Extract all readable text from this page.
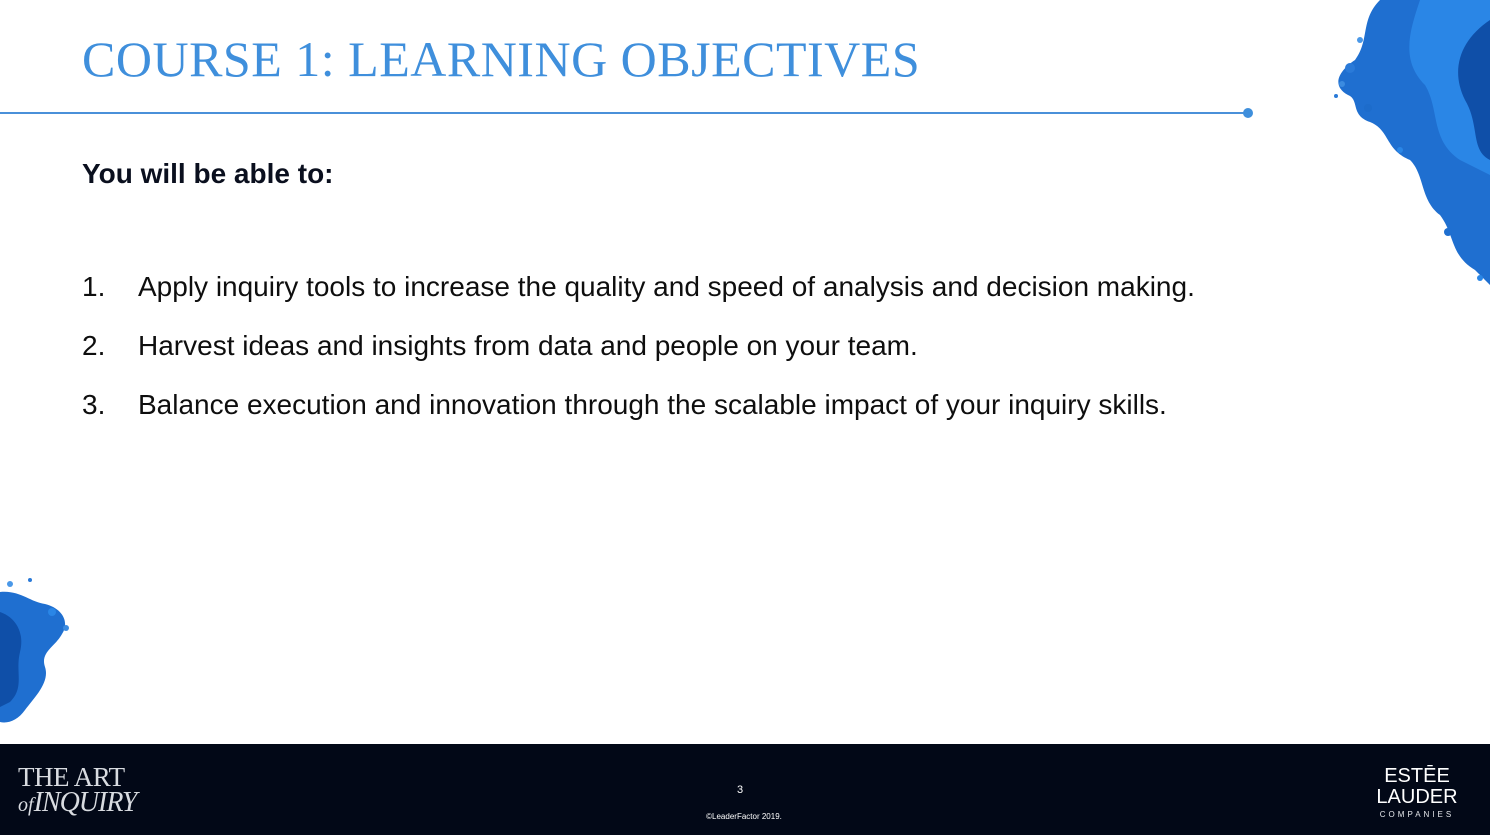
COURSE 1: LEARNING OBJECTIVES
You will be able to:
1. Apply inquiry tools to increase the quality and speed of analysis and decision making.
2. Harvest ideas and insights from data and people on your team.
3. Balance execution and innovation through the scalable impact of your inquiry skills.
THE ART
ofINQUIRY	3
©LeaderFactor 2019.
ESTĒE
LAUDER
COMPANIES
